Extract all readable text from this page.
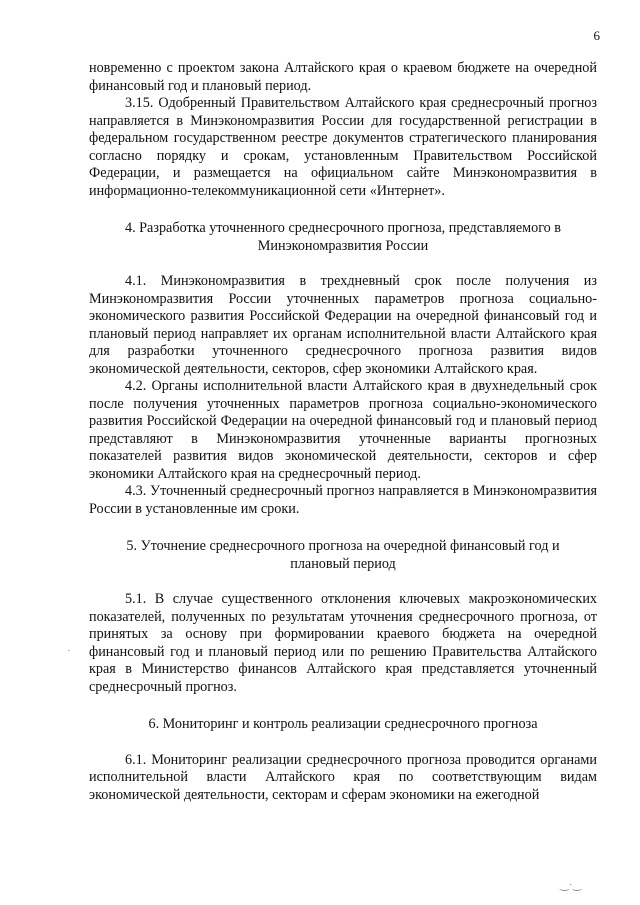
6

новременно с проектом закона Алтайского края о краевом бюджете на очередной финансовый год и плановый период.

3.15. Одобренный Правительством Алтайского края среднесрочный прогноз направляется в Минэкономразвития России для государственной регистрации в федеральном государственном реестре документов стратегического планирования согласно порядку и срокам, установленным Правительством Российской Федерации, и размещается на официальном сайте Минэкономразвития в информационно-телекоммуникационной сети «Интернет».

4. Разработка уточненного среднесрочного прогноза, представляемого в Минэкономразвития России

4.1. Минэкономразвития в трехдневный срок после получения из Минэкономразвития России уточненных параметров прогноза социально-экономического развития Российской Федерации на очередной финансовый год и плановый период направляет их органам исполнительной власти Алтайского края для разработки уточненного среднесрочного прогноза развития видов экономической деятельности, секторов, сфер экономики Алтайского края.

4.2. Органы исполнительной власти Алтайского края в двухнедельный срок после получения уточненных параметров прогноза социально-экономического развития Российской Федерации на очередной финансовый год и плановый период представляют в Минэкономразвития уточненные варианты прогнозных показателей развития видов экономической деятельности, секторов и сфер экономики Алтайского края на среднесрочный период.

4.3. Уточненный среднесрочный прогноз направляется в Минэкономразвития России в установленные им сроки.

5. Уточнение среднесрочного прогноза на очередной финансовый год и плановый период

5.1. В случае существенного отклонения ключевых макроэкономических показателей, полученных по результатам уточнения среднесрочного прогноза, от принятых за основу при формировании краевого бюджета на очередной финансовый год и плановый период или по решению Правительства Алтайского края в Министерство финансов Алтайского края представляется уточненный среднесрочный прогноз.

6. Мониторинг и контроль реализации среднесрочного прогноза

6.1. Мониторинг реализации среднесрочного прогноза проводится органами исполнительной власти Алтайского края по соответствующим видам экономической деятельности, секторам и сферам экономики на ежегодной

·
‿·‿
